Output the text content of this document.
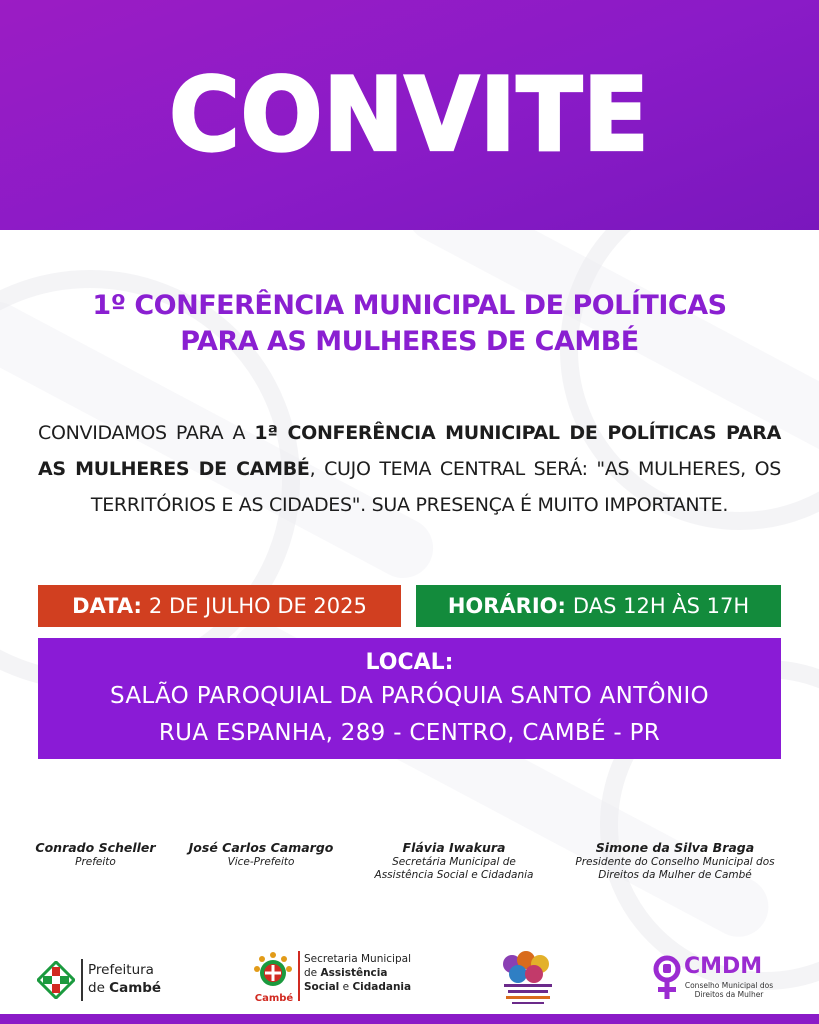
CONVITE
1º CONFERÊNCIA MUNICIPAL DE POLÍTICAS
PARA AS MULHERES DE CAMBÉ

CONVIDAMOS PARA A 1ª CONFERÊNCIA MUNICIPAL DE POLÍTICAS PARA AS MULHERES DE CAMBÉ, CUJO TEMA CENTRAL SERÁ: "AS MULHERES, OS TERRITÓRIOS E AS CIDADES". SUA PRESENÇA É MUITO IMPORTANTE.

DATA: 2 DE JULHO DE 2025	HORÁRIO: DAS 12H ÀS 17H
LOCAL:
SALÃO PAROQUIAL DA PARÓQUIA SANTO ANTÔNIO
RUA ESPANHA, 289 - CENTRO, CAMBÉ - PR
Conrado Scheller
Prefeito
José Carlos Camargo
Vice-Prefeito
Flávia Iwakura
Secretária Municipal de
Assistência Social e Cidadania
Simone da Silva Braga
Presidente do Conselho Municipal dos
Direitos da Mulher de Cambé
Prefeitura
de Cambé
Cambé
Secretaria Municipal
de Assistência
Social e Cidadania
CMDM
Conselho Municipal dos
Direitos da Mulher
